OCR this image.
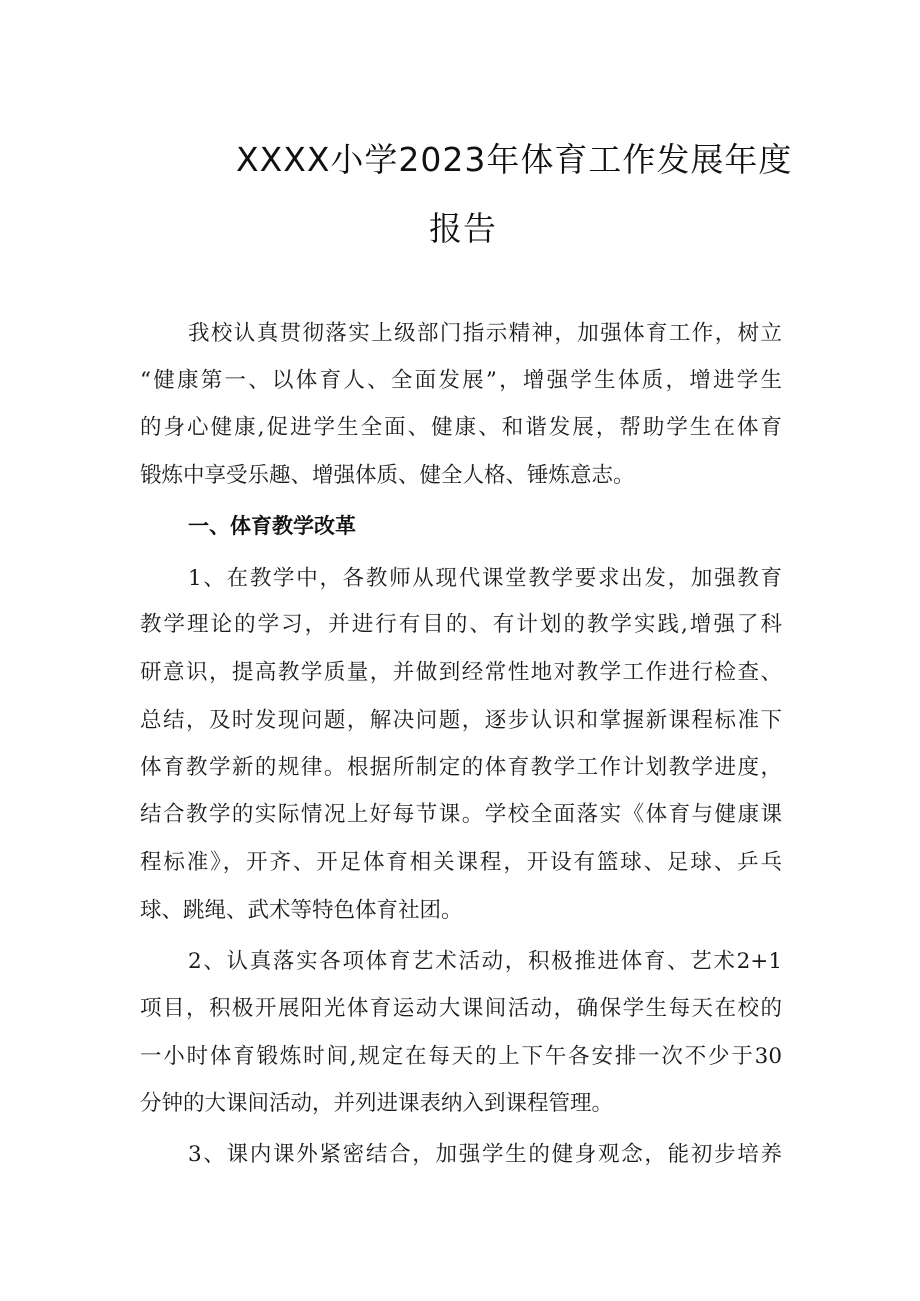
XXXX小学2023年体育工作发展年度
报告
我校认真贯彻落实上级部门指示精神，加强体育工作，树立
“健康第一、以体育人、全面发展”，增强学生体质，增进学生
的身心健康,促进学生全面、健康、和谐发展，帮助学生在体育
锻炼中享受乐趣、增强体质、健全人格、锤炼意志。
一、体育教学改革
1、在教学中，各教师从现代课堂教学要求出发，加强教育
教学理论的学习，并进行有目的、有计划的教学实践,增强了科
研意识，提高教学质量，并做到经常性地对教学工作进行检查、
总结，及时发现问题，解决问题，逐步认识和掌握新课程标准下
体育教学新的规律。根据所制定的体育教学工作计划教学进度，
结合教学的实际情况上好每节课。学校全面落实《体育与健康课
程标准》，开齐、开足体育相关课程，开设有篮球、足球、乒乓
球、跳绳、武术等特色体育社团。
2、认真落实各项体育艺术活动，积极推进体育、艺术2+1
项目，积极开展阳光体育运动大课间活动，确保学生每天在校的
一小时体育锻炼时间,规定在每天的上下午各安排一次不少于30
分钟的大课间活动，并列进课表纳入到课程管理。
3、课内课外紧密结合，加强学生的健身观念，能初步培养
